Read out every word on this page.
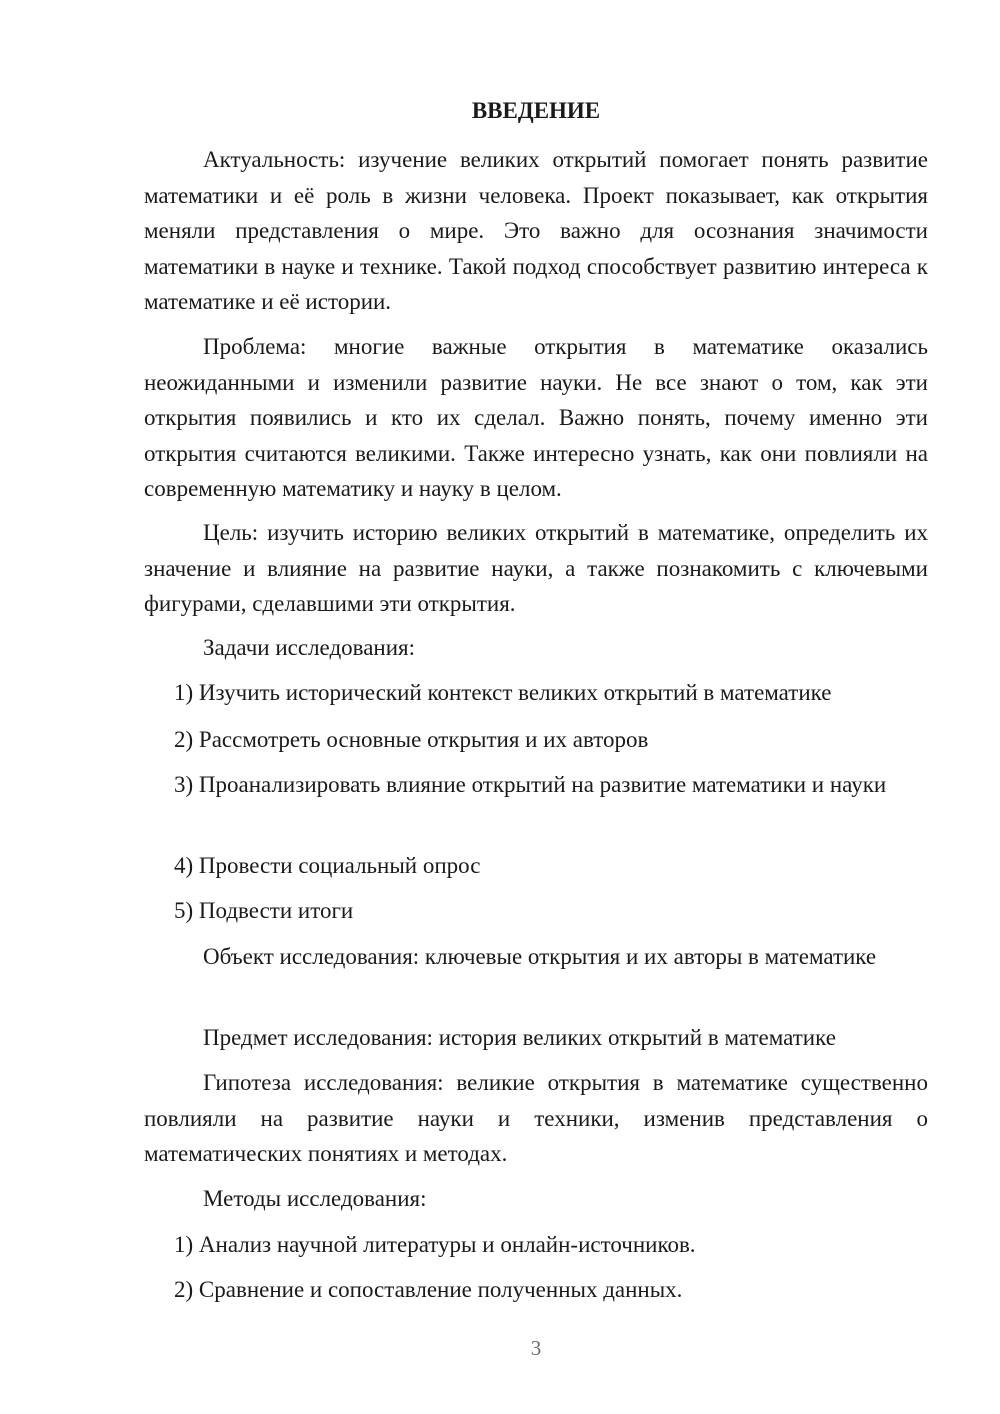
ВВЕДЕНИЕ

Актуальность: изучение великих открытий помогает понять развитие математики и её роль в жизни человека. Проект показывает, как открытия меняли представления о мире. Это важно для осознания значимости математики в науке и технике. Такой подход способствует развитию интереса к математике и её истории.

Проблема: многие важные открытия в математике оказались неожиданными и изменили развитие науки. Не все знают о том, как эти открытия появились и кто их сделал. Важно понять, почему именно эти открытия считаются великими. Также интересно узнать, как они повлияли на современную математику и науку в целом.

Цель: изучить историю великих открытий в математике, определить их значение и влияние на развитие науки, а также познакомить с ключевыми фигурами, сделавшими эти открытия.

Задачи исследования:

1) Изучить исторический контекст великих открытий в математике

2) Рассмотреть основные открытия и их авторов

3) Проанализировать влияние открытий на развитие математики и науки

4) Провести социальный опрос

5) Подвести итоги

Объект исследования: ключевые открытия и их авторы в математике

Предмет исследования: история великих открытий в математике

Гипотеза исследования: великие открытия в математике существенно повлияли на развитие науки и техники, изменив представления о математических понятиях и методах.

Методы исследования:

1) Анализ научной литературы и онлайн-источников.

2) Сравнение и сопоставление полученных данных.

3
